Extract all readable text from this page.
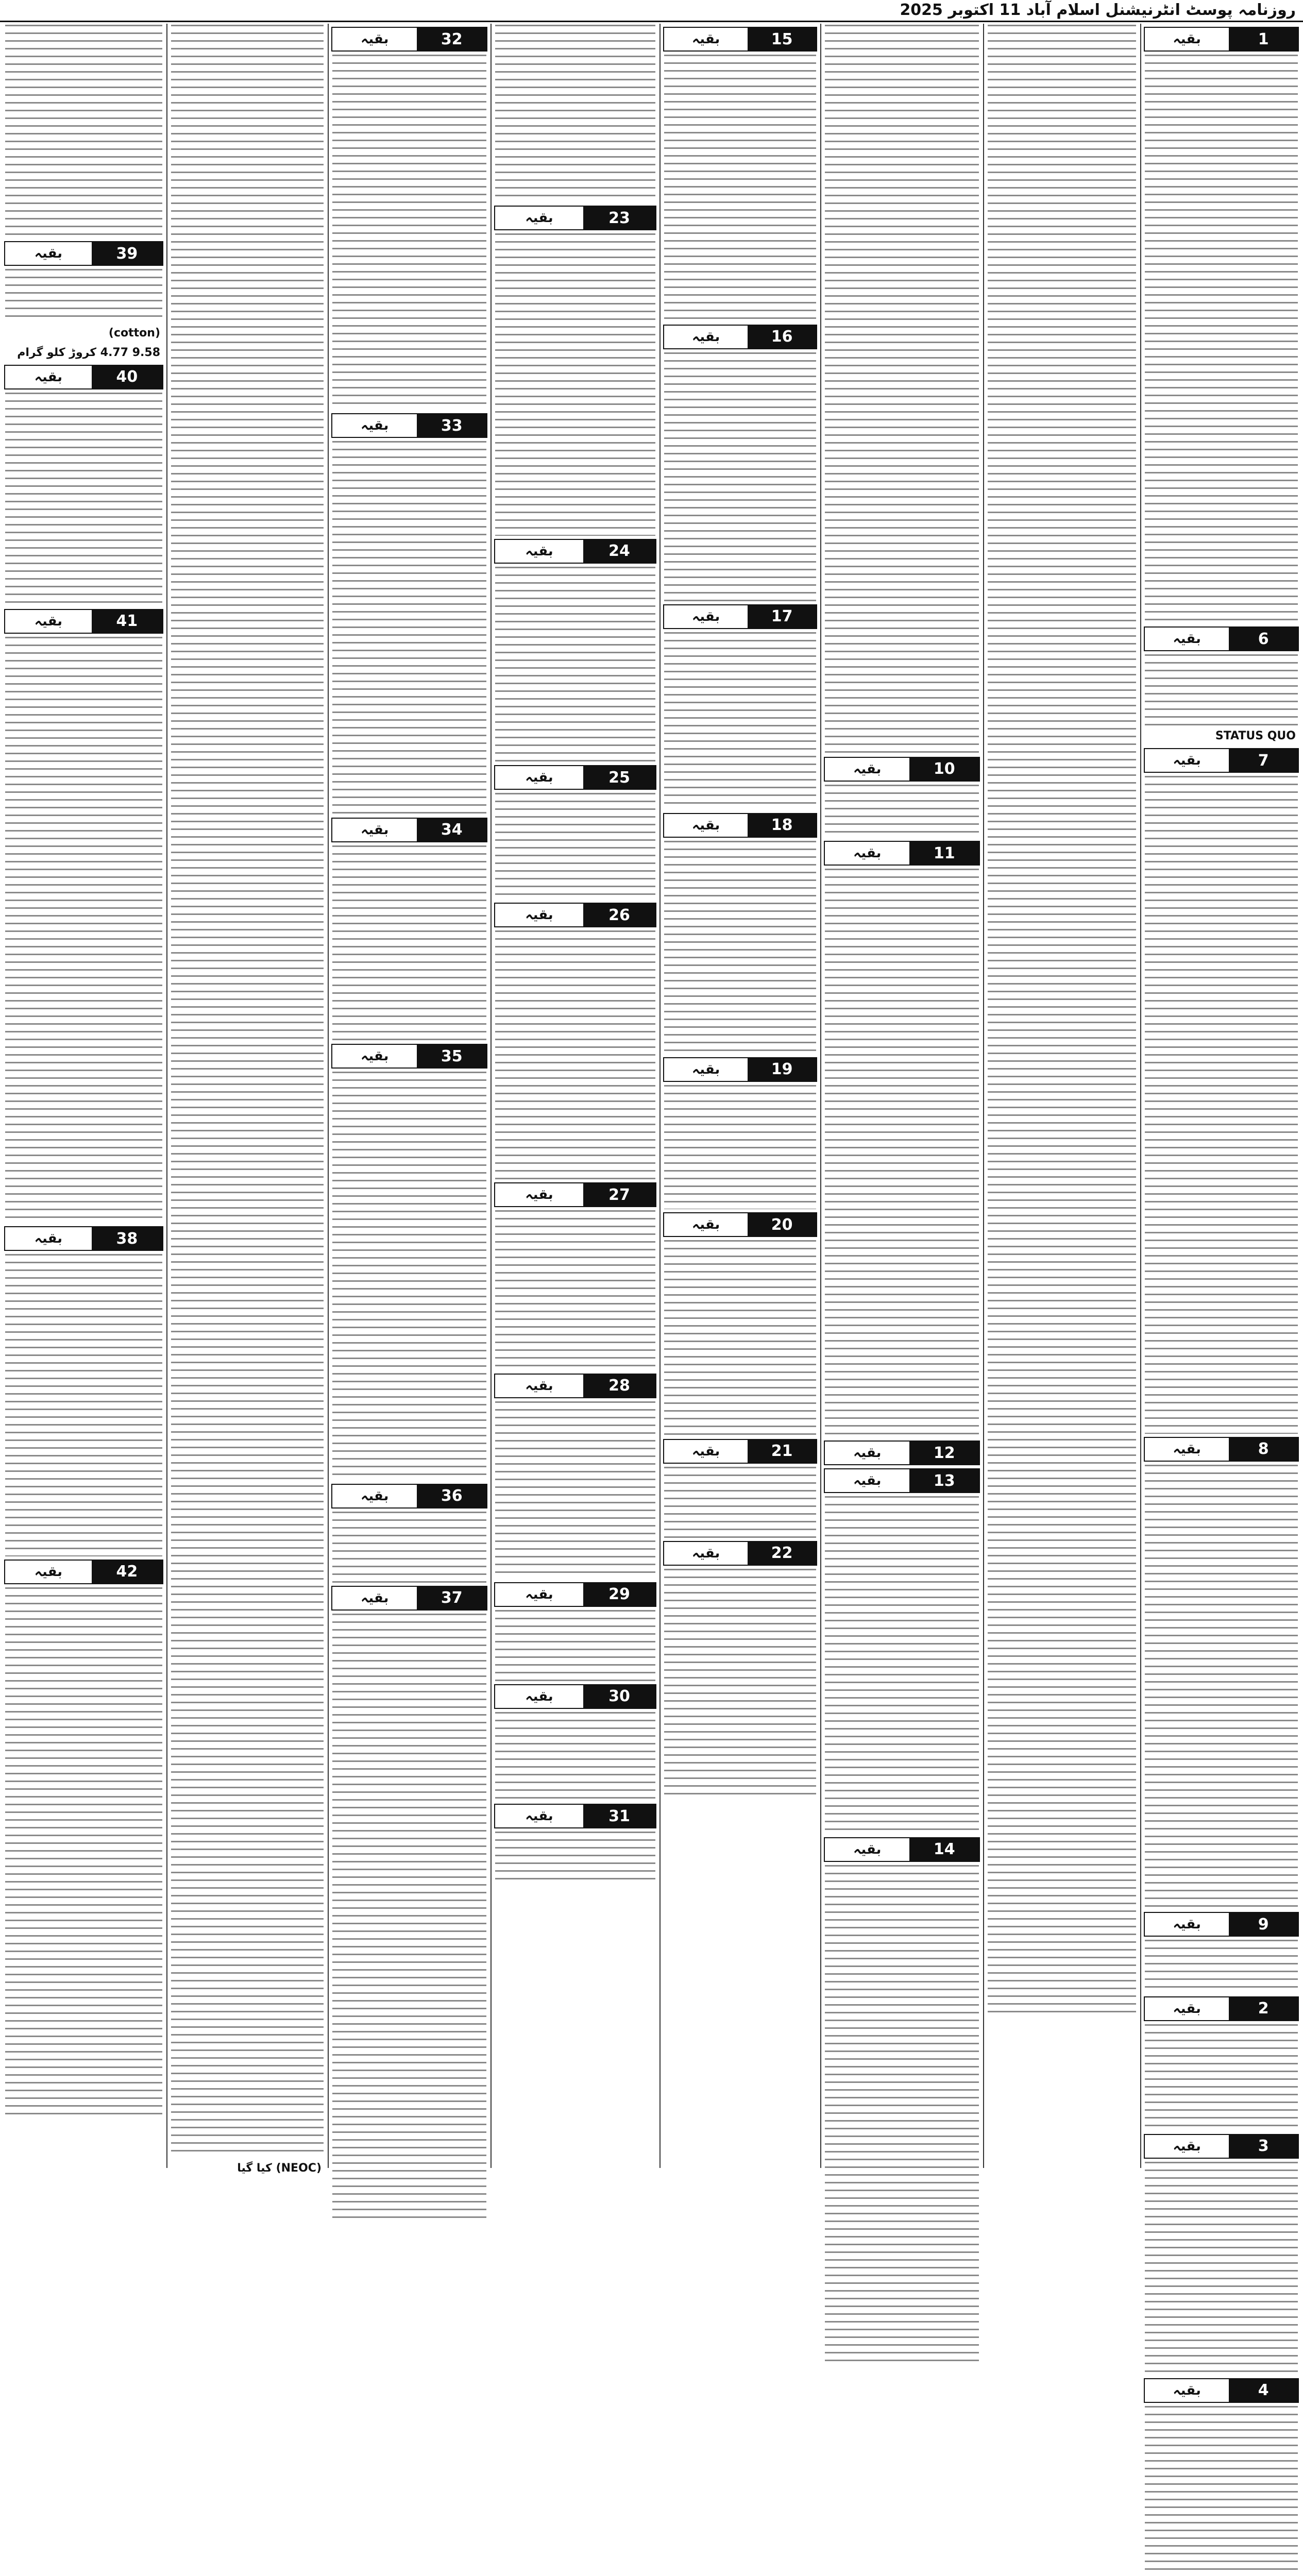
روزنامہ پوسٹ انٹرنیشنل اسلام آباد 11 اکتوبر 2025
1
بقیہ
6
بقیہ
STATUS QUO
7
بقیہ
8
بقیہ
9
بقیہ
2
بقیہ
3
بقیہ
4
بقیہ
10
بقیہ
11
بقیہ
12
بقیہ
13
بقیہ
14
بقیہ
15
بقیہ
16
بقیہ
17
بقیہ
18
بقیہ
19
بقیہ
20
بقیہ
21
بقیہ
22
بقیہ
23
بقیہ
24
بقیہ
25
بقیہ
26
بقیہ
27
بقیہ
28
بقیہ
29
بقیہ
30
بقیہ
31
بقیہ
32
بقیہ
33
بقیہ
34
بقیہ
35
بقیہ
36
بقیہ
37
بقیہ
(NEOC) کیا گیا
39
بقیہ
(cotton)
9.58 4.77 کروڑ کلو گرام
40
بقیہ
41
بقیہ
38
بقیہ
42
بقیہ
